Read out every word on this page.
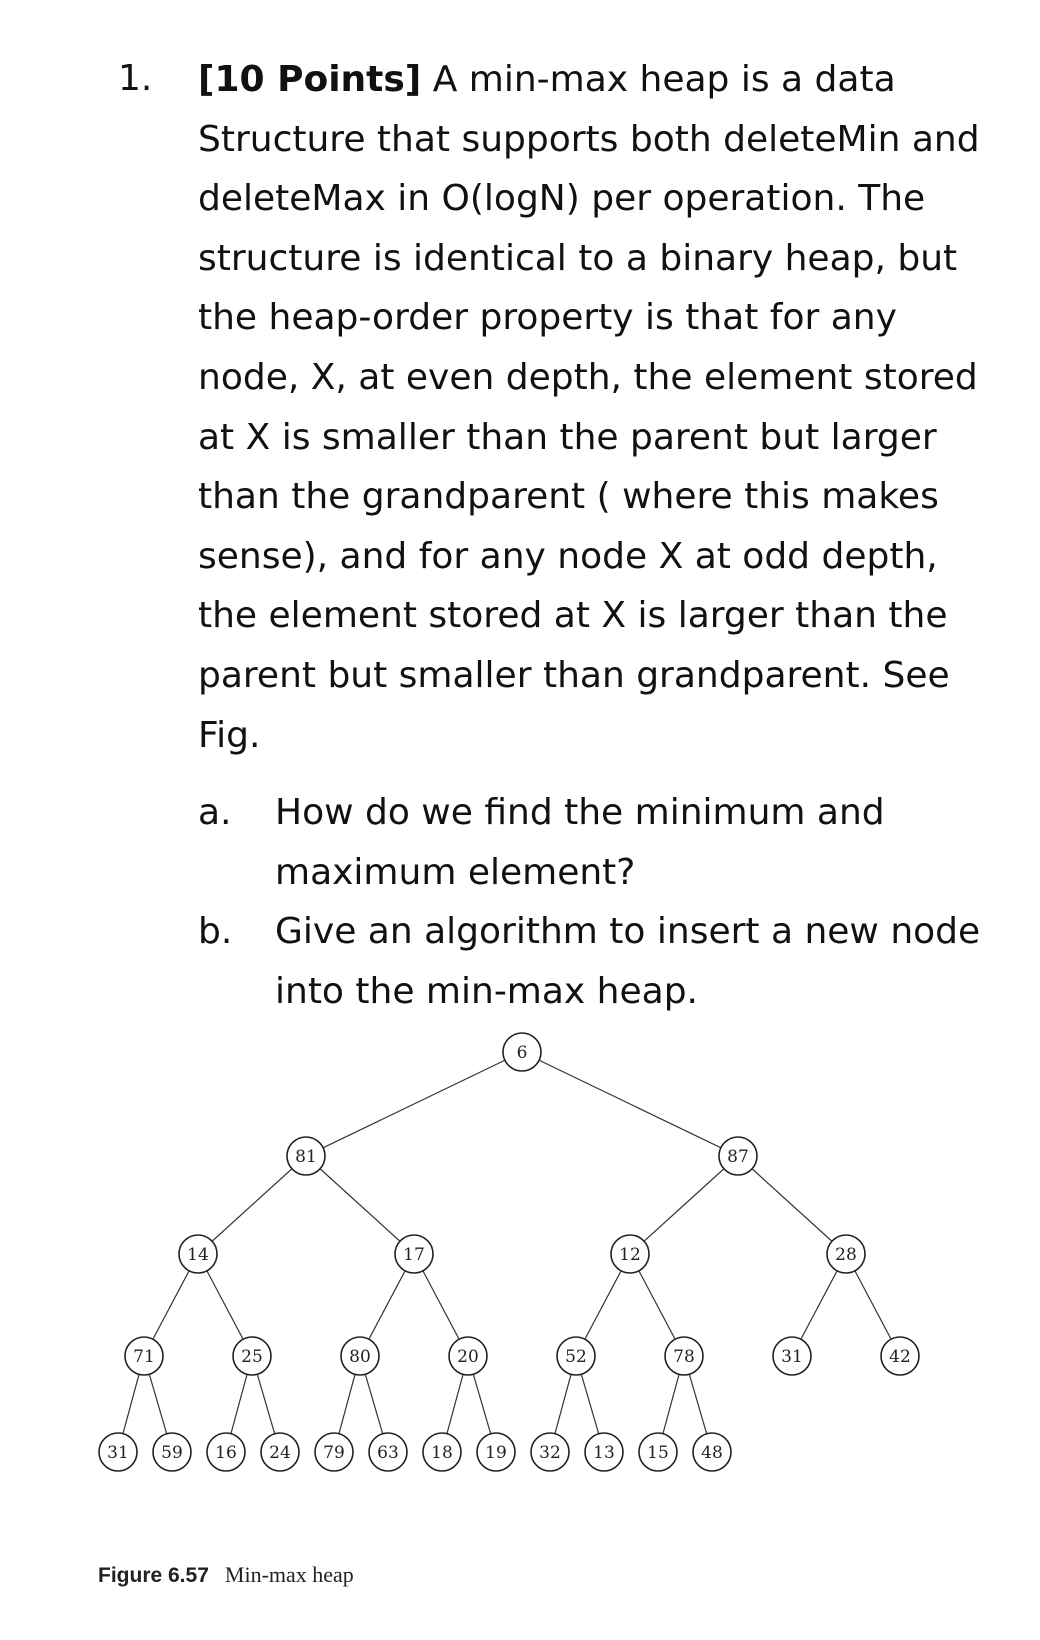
1. [10 Points] A min-max heap is a data Structure that supports both deleteMin and deleteMax in O(logN) per operation. The structure is identical to a binary heap, but the heap-order property is that for any node, X, at even depth, the element stored at X is smaller than the parent but larger than the grandparent ( where this makes sense), and for any node X at odd depth, the element stored at X is larger than the parent but smaller than grandparent. See Fig.

a. How do we find the minimum and maximum element?
b. Give an algorithm to insert a new node into the min-max heap.
6
81	87
14	17	12	28
71	25	80	20	52	78	31	42
31 59 16 24 79 63 18 19 32 13 15 48
Figure 6.57 Min-max heap
